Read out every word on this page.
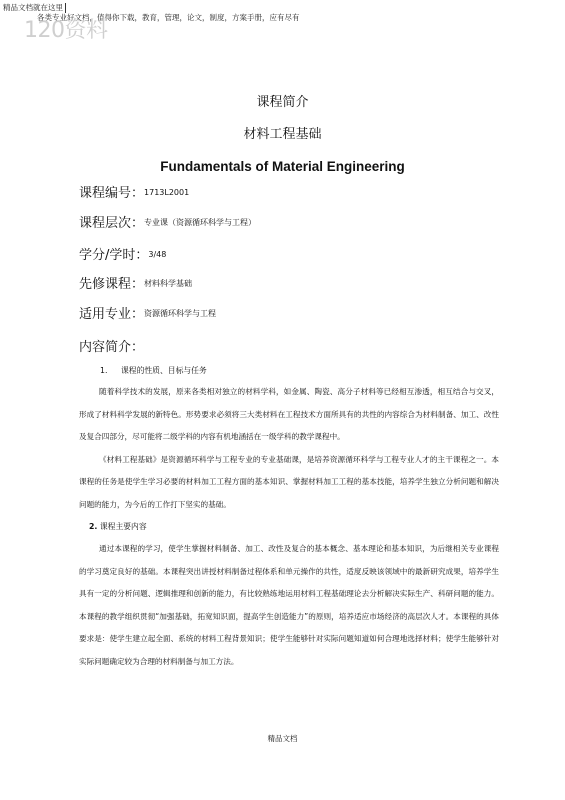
精品文档就在这里
各类专业好文档，值得你下载，教育，管理，论文，制度，方案手册，应有尽有
120资料
课程简介
材料工程基础
Fundamentals of Material Engineering
课程编号：1713L2001
课程层次：专业课（资源循环科学与工程）
学分/学时：3/48
先修课程：材料科学基础
适用专业：资源循环科学与工程
内容简介：
1. 课程的性质、目标与任务

随着科学技术的发展，原来各类相对独立的材料学科，如金属、陶瓷、高分子材料等已经相互渗透，相互结合与交叉，形成了材料科学发展的新特色。形势要求必须将三大类材料在工程技术方面所具有的共性的内容综合为材料制备、加工、改性及复合四部分，尽可能将二级学科的内容有机地涵括在一级学科的教学课程中。

《材料工程基础》是资源循环科学与工程专业的专业基础课，是培养资源循环科学与工程专业人才的主干课程之一。本课程的任务是使学生学习必要的材料加工工程方面的基本知识、掌握材料加工工程的基本技能，培养学生独立分析问题和解决问题的能力，为今后的工作打下坚实的基础。

2. 课程主要内容

通过本课程的学习，使学生掌握材料制备、加工、改性及复合的基本概念、基本理论和基本知识，为后继相关专业课程的学习奠定良好的基础。本课程突出讲授材料制备过程体系和单元操作的共性，适度反映该领域中的最新研究成果，培养学生具有一定的分析问题、逻辑推理和创新的能力，有比较熟练地运用材料工程基础理论去分析解决实际生产、科研问题的能力。本课程的教学组织贯彻“加强基础，拓宽知识面，提高学生创造能力”的原则，培养适应市场经济的高层次人才。本课程的具体要求是：使学生建立起全面、系统的材料工程背景知识；使学生能够针对实际问题知道如何合理地选择材料；使学生能够针对实际问题确定较为合理的材料制备与加工方法。

精品文档
